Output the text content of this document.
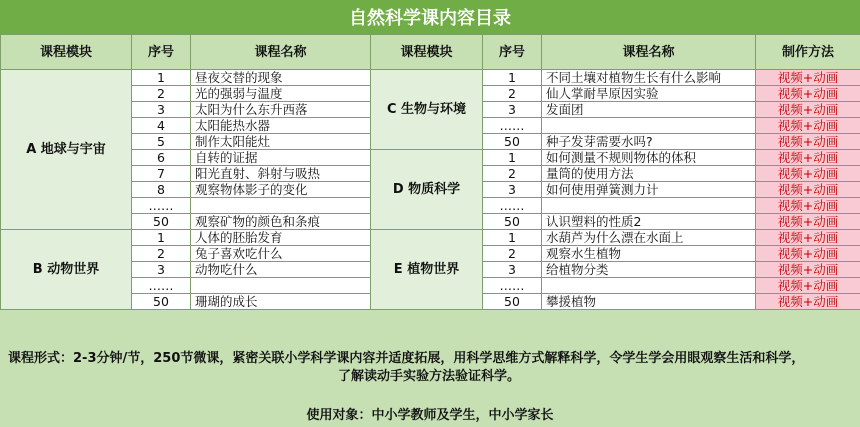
自然科学课内容目录
课程模块	序号	课程名称	课程模块	序号	课程名称	制作方法
A 地球与宇宙	1	昼夜交替的现象	C 生物与环境	1	不同土壤对植物生长有什么影响	视频+动画
	2	光的强弱与温度		2	仙人掌耐旱原因实验	视频+动画
	3	太阳为什么东升西落		3	发面团	视频+动画
	4	太阳能热水器		……		视频+动画
	5	制作太阳能灶		50	种子发芽需要水吗?	视频+动画
	6	自转的证据	D 物质科学	1	如何测量不规则物体的体积	视频+动画
	7	阳光直射、斜射与吸热		2	量筒的使用方法	视频+动画
	8	观察物体影子的变化		3	如何使用弹簧测力计	视频+动画
	……			……		视频+动画
	50	观察矿物的颜色和条痕		50	认识塑料的性质2	视频+动画
B 动物世界	1	人体的胚胎发育	E 植物世界	1	水葫芦为什么漂在水面上	视频+动画
	2	兔子喜欢吃什么		2	观察水生植物	视频+动画
	3	动物吃什么		3	给植物分类	视频+动画
	……			……		视频+动画
	50	珊瑚的成长		50	攀援植物	视频+动画
课程形式：2-3分钟/节，250节微课，紧密关联小学科学课内容并适度拓展，用科学思维方式解释科学，令学生学会用眼观察生活和科学，
了解读动手实验方法验证科学。
使用对象：中小学教师及学生，中小学家长
